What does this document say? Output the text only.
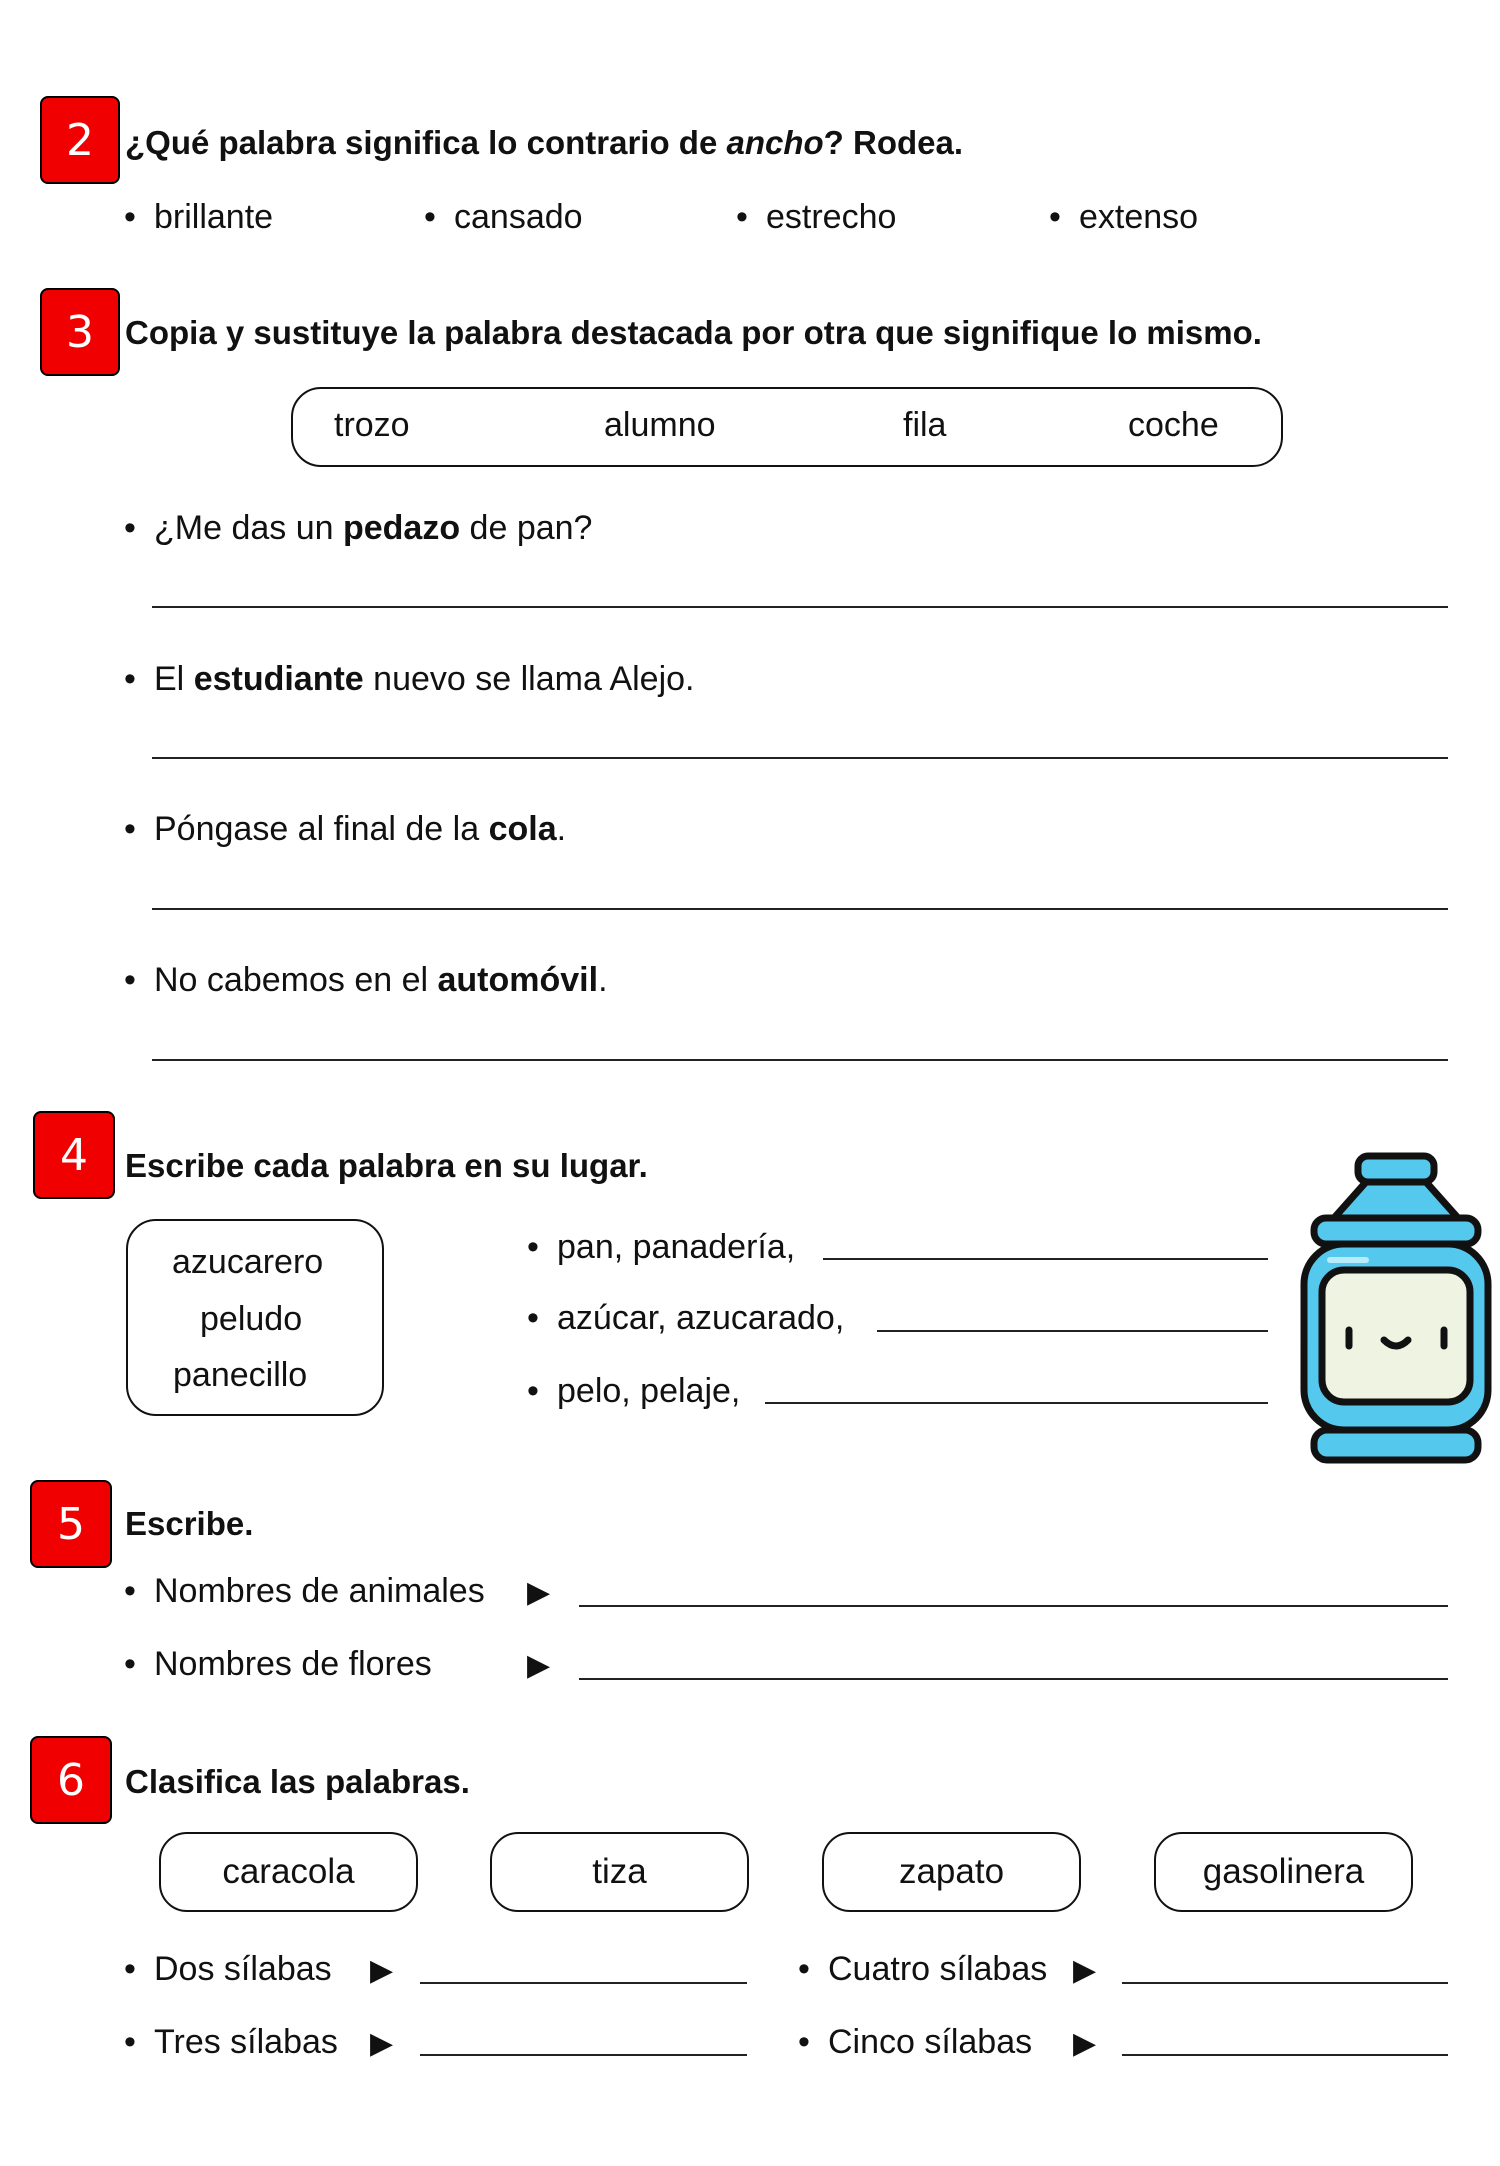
2 ¿Qué palabra significa lo contrario de ancho? Rodea.
• brillante	• cansado	• estrecho	• extenso
3 Copia y sustituye la palabra destacada por otra que signifique lo mismo.
trozo	alumno	fila	coche
• ¿Me das un pedazo de pan?
• El estudiante nuevo se llama Alejo.
• Póngase al final de la cola.
• No cabemos en el automóvil.
4	Escribe cada palabra en su lugar.
azucarero
peludo
panecillo
• pan, panadería,
• azúcar, azucarado,
• pelo, pelaje,
5	Escribe.
• Nombres de animales ▶
• Nombres de flores	▶
6	Clasifica las palabras.
caracola	tiza	zapato	gasolinera
• Dos sílabas ▶
• Tres sílabas ▶
• Cuatro sílabas ▶
• Cinco sílabas ▶
